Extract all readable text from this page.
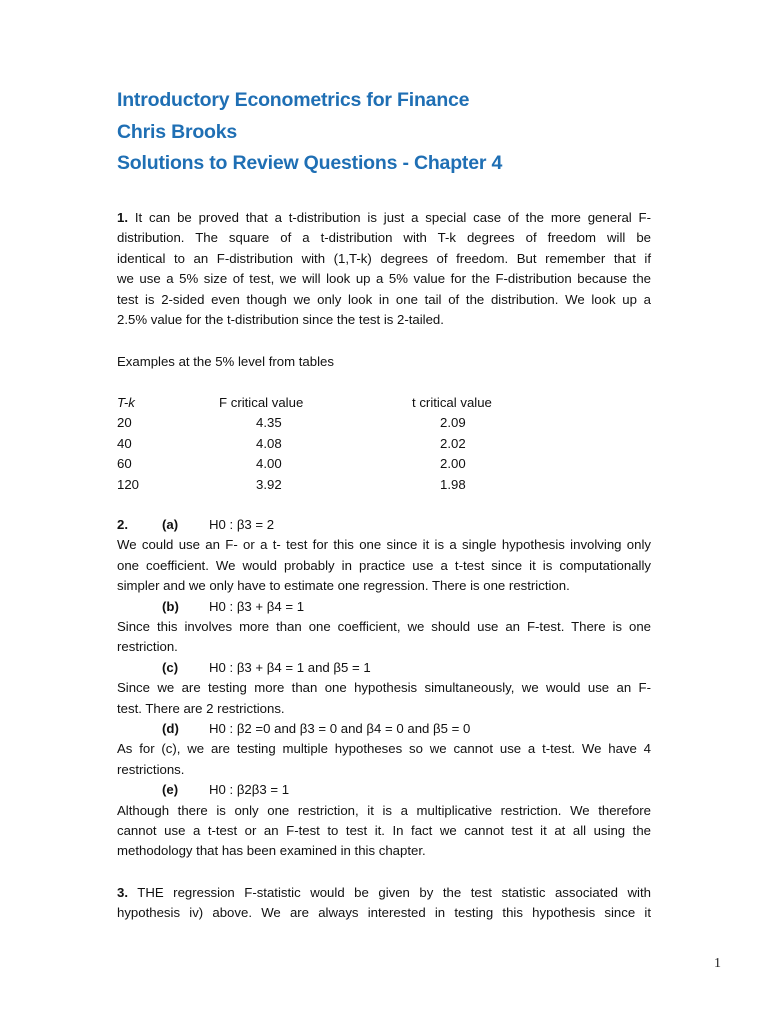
Introductory Econometrics for Finance
Chris Brooks
Solutions to Review Questions - Chapter 4
1. It can be proved that a t-distribution is just a special case of the more general F-
distribution. The square of a t-distribution with T-k degrees of freedom will be
identical to an F-distribution with (1,T-k) degrees of freedom. But remember that if
we use a 5% size of test, we will look up a 5% value for the F-distribution because the
test is 2-sided even though we only look in one tail of the distribution. We look up a
2.5% value for the t-distribution since the test is 2-tailed.
Examples at the 5% level from tables
T-k	F critical value	t critical value
20	4.35	2.09
40	4.08	2.02
60	4.00	2.00
120	3.92	1.98
2.	(a) H0 : β3 = 2
We could use an F- or a t- test for this one since it is a single hypothesis involving only
one coefficient. We would probably in practice use a t-test since it is computationally
simpler and we only have to estimate one regression. There is one restriction.
(b) H0 : β3 + β4 = 1
Since this involves more than one coefficient, we should use an F-test. There is one
restriction.
(c) H0 : β3 + β4 = 1 and β5 = 1
Since we are testing more than one hypothesis simultaneously, we would use an F-
test. There are 2 restrictions.
(d) H0 : β2 =0 and β3 = 0 and β4 = 0 and β5 = 0
As for (c), we are testing multiple hypotheses so we cannot use a t-test. We have 4
restrictions.
(e) H0 : β2β3 = 1
Although there is only one restriction, it is a multiplicative restriction. We therefore
cannot use a t-test or an F-test to test it. In fact we cannot test it at all using the
methodology that has been examined in this chapter.
3. THE regression F-statistic would be given by the test statistic associated with
hypothesis iv) above. We are always interested in testing this hypothesis since it
1
